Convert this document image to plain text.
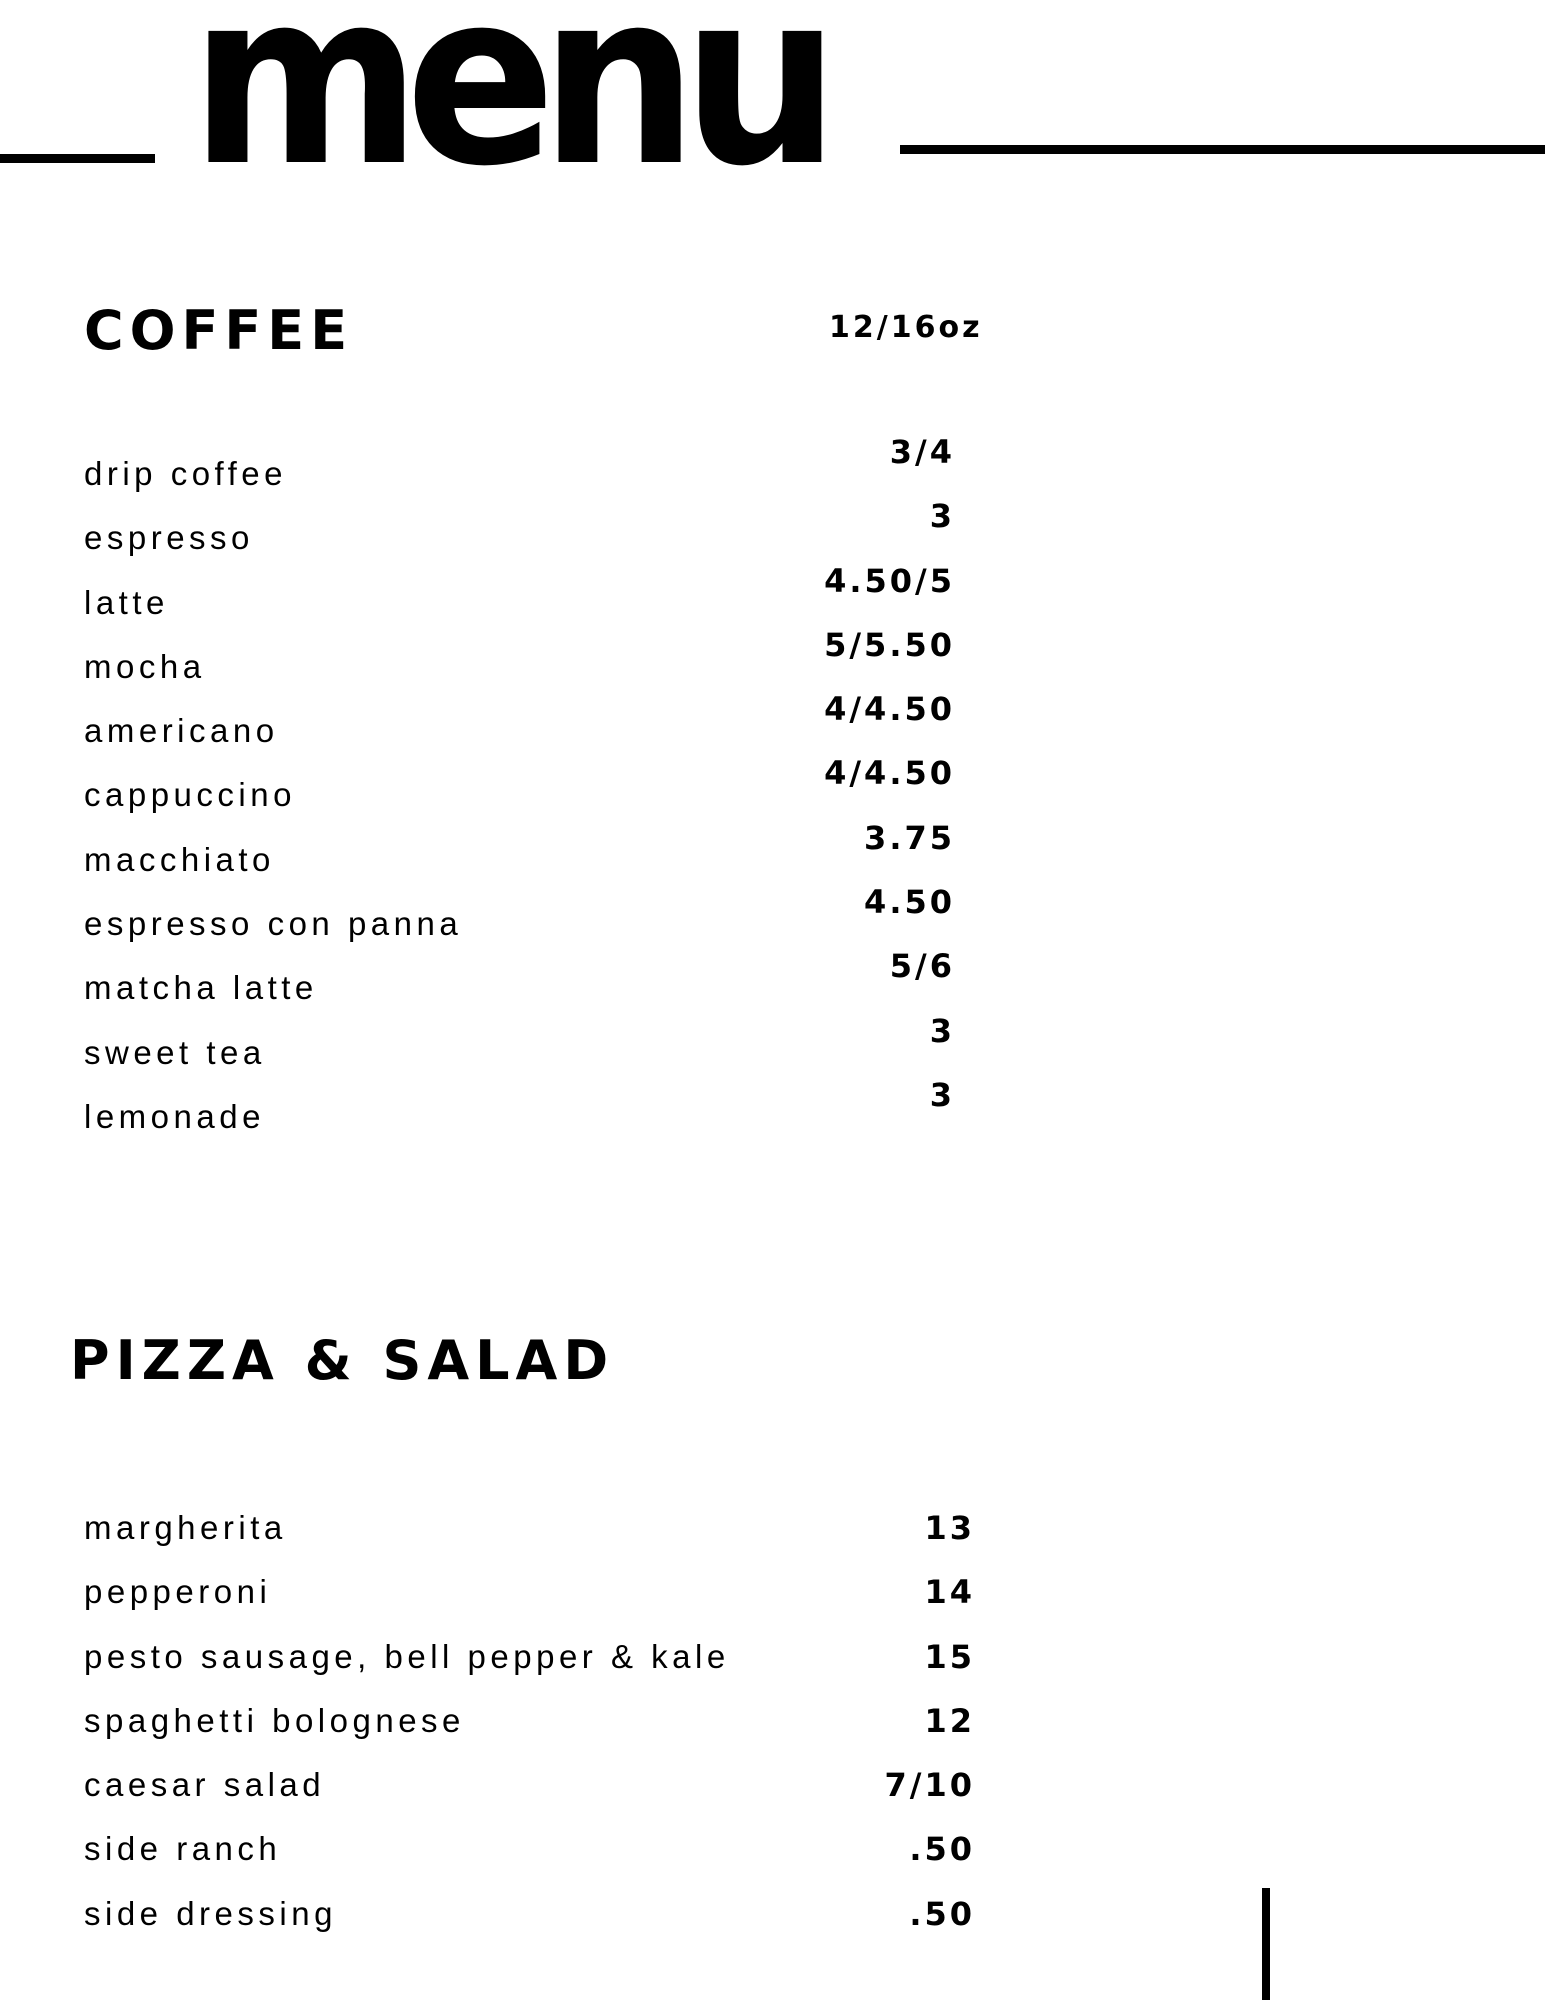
menu
COFFEE	12/16oz
drip coffee
espresso
latte
mocha
americano
cappuccino
macchiato
espresso con panna
matcha latte
sweet tea
lemonade
3/4
3
4.50/5
5/5.50
4/4.50
4/4.50
3.75
4.50
5/6
3
3
PIZZA & SALAD
margherita
pepperoni
pesto sausage, bell pepper & kale
spaghetti bolognese
caesar salad
side ranch
side dressing
13
14
15
12
7/10
.50
.50
